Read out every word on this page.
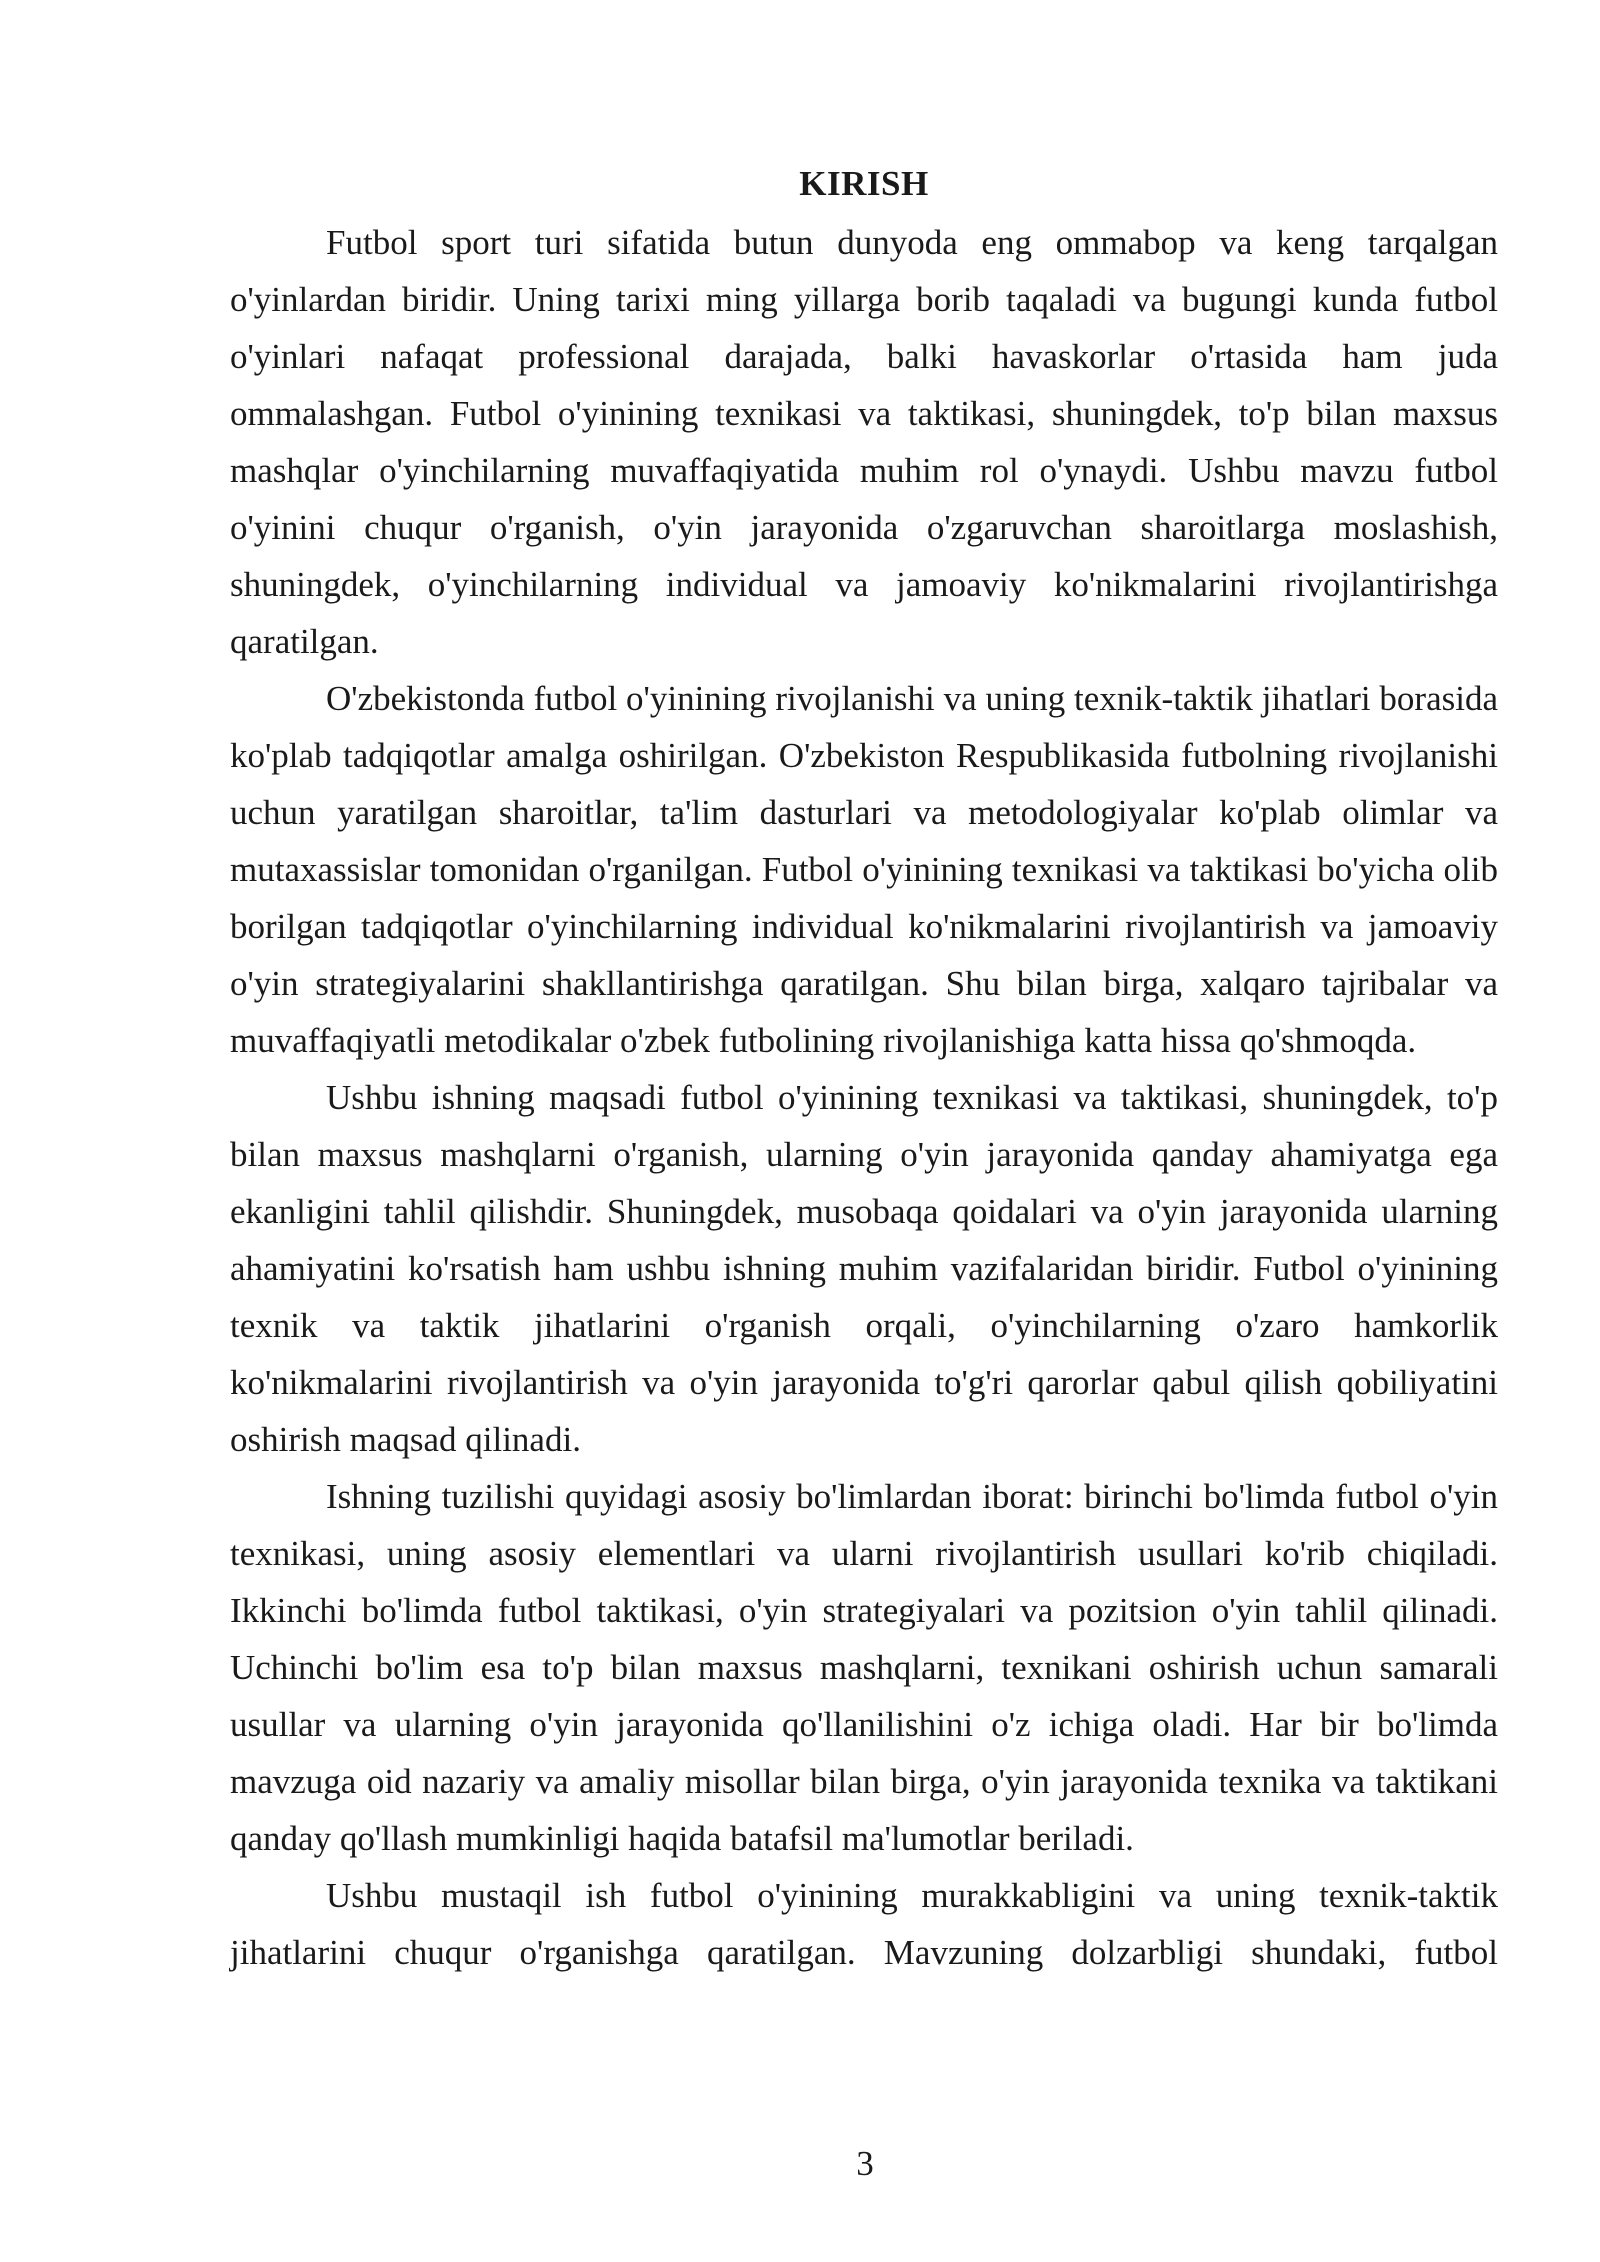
KIRISH

Futbol sport turi sifatida butun dunyoda eng ommabop va keng tarqalgan o'yinlardan biridir. Uning tarixi ming yillarga borib taqaladi va bugungi kunda futbol o'yinlari nafaqat professional darajada, balki havaskorlar o'rtasida ham juda ommalashgan. Futbol o'yinining texnikasi va taktikasi, shuningdek, to'p bilan maxsus mashqlar o'yinchilarning muvaffaqiyatida muhim rol o'ynaydi. Ushbu mavzu futbol o'yinini chuqur o'rganish, o'yin jarayonida o'zgaruvchan sharoitlarga moslashish, shuningdek, o'yinchilarning individual va jamoaviy ko'nikmalarini rivojlantirishga qaratilgan.

O'zbekistonda futbol o'yinining rivojlanishi va uning texnik-taktik jihatlari borasida ko'plab tadqiqotlar amalga oshirilgan. O'zbekiston Respublikasida futbolning rivojlanishi uchun yaratilgan sharoitlar, ta'lim dasturlari va metodologiyalar ko'plab olimlar va mutaxassislar tomonidan o'rganilgan. Futbol o'yinining texnikasi va taktikasi bo'yicha olib borilgan tadqiqotlar o'yinchilarning individual ko'nikmalarini rivojlantirish va jamoaviy o'yin strategiyalarini shakllantirishga qaratilgan. Shu bilan birga, xalqaro tajribalar va muvaffaqiyatli metodikalar o'zbek futbolining rivojlanishiga katta hissa qo'shmoqda.

Ushbu ishning maqsadi futbol o'yinining texnikasi va taktikasi, shuningdek, to'p bilan maxsus mashqlarni o'rganish, ularning o'yin jarayonida qanday ahamiyatga ega ekanligini tahlil qilishdir. Shuningdek, musobaqa qoidalari va o'yin jarayonida ularning ahamiyatini ko'rsatish ham ushbu ishning muhim vazifalaridan biridir. Futbol o'yinining texnik va taktik jihatlarini o'rganish orqali, o'yinchilarning o'zaro hamkorlik ko'nikmalarini rivojlantirish va o'yin jarayonida to'g'ri qarorlar qabul qilish qobiliyatini oshirish maqsad qilinadi.

Ishning tuzilishi quyidagi asosiy bo'limlardan iborat: birinchi bo'limda futbol o'yin texnikasi, uning asosiy elementlari va ularni rivojlantirish usullari ko'rib chiqiladi. Ikkinchi bo'limda futbol taktikasi, o'yin strategiyalari va pozitsion o'yin tahlil qilinadi. Uchinchi bo'lim esa to'p bilan maxsus mashqlarni, texnikani oshirish uchun samarali usullar va ularning o'yin jarayonida qo'llanilishini o'z ichiga oladi. Har bir bo'limda mavzuga oid nazariy va amaliy misollar bilan birga, o'yin jarayonida texnika va taktikani qanday qo'llash mumkinligi haqida batafsil ma'lumotlar beriladi.

Ushbu mustaqil ish futbol o'yinining murakkabligini va uning texnik-taktik jihatlarini chuqur o'rganishga qaratilgan. Mavzuning dolzarbligi shundaki, futbol

3
